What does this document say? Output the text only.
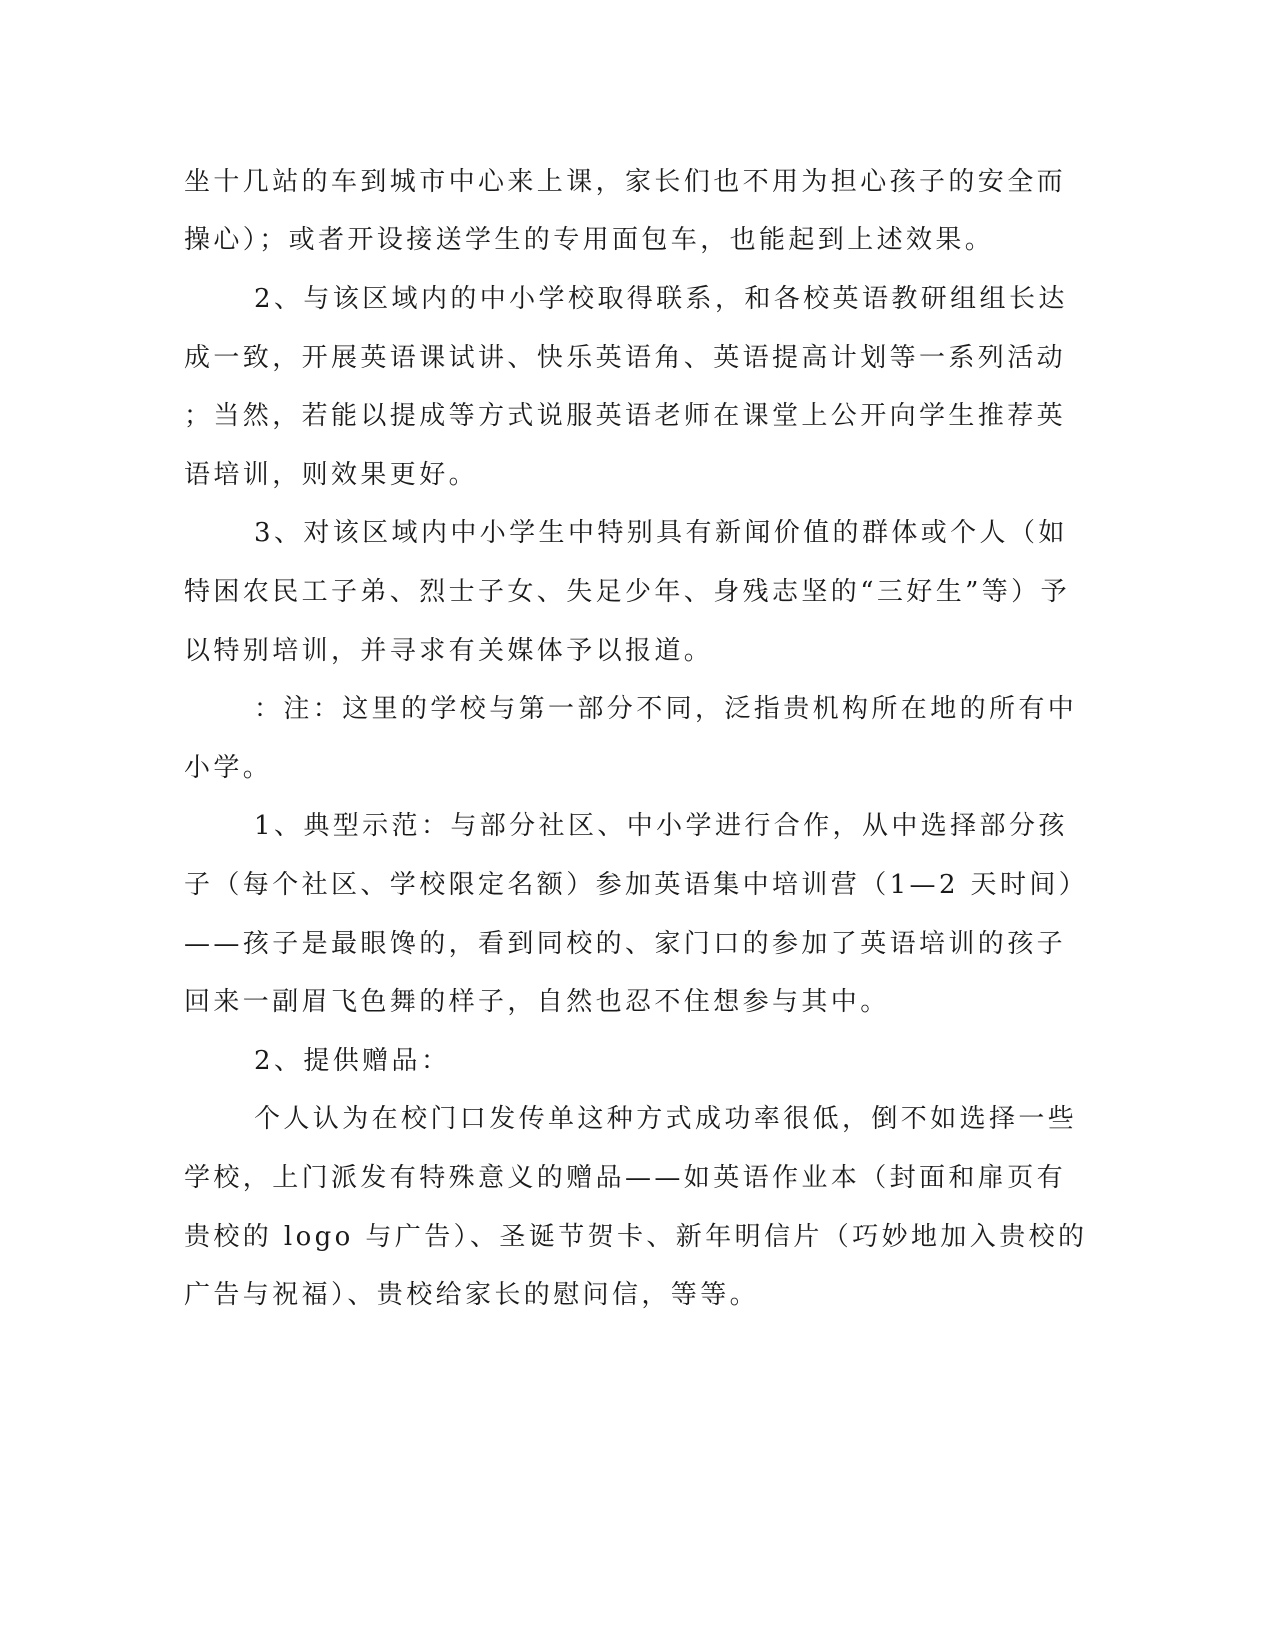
坐十几站的车到城市中心来上课，家长们也不用为担心孩子的安全而
操心）；或者开设接送学生的专用面包车，也能起到上述效果。
2、与该区域内的中小学校取得联系，和各校英语教研组组长达
成一致，开展英语课试讲、快乐英语角、英语提高计划等一系列活动
；当然，若能以提成等方式说服英语老师在课堂上公开向学生推荐英
语培训，则效果更好。
3、对该区域内中小学生中特别具有新闻价值的群体或个人（如
特困农民工子弟、烈士子女、失足少年、身残志坚的“三好生”等）予
以特别培训，并寻求有关媒体予以报道。
：注：这里的学校与第一部分不同，泛指贵机构所在地的所有中
小学。
1、典型示范：与部分社区、中小学进行合作，从中选择部分孩
子（每个社区、学校限定名额）参加英语集中培训营（1—2 天时间）
——孩子是最眼馋的，看到同校的、家门口的参加了英语培训的孩子
回来一副眉飞色舞的样子，自然也忍不住想参与其中。
2、提供赠品：
个人认为在校门口发传单这种方式成功率很低，倒不如选择一些
学校，上门派发有特殊意义的赠品——如英语作业本（封面和扉页有
贵校的 logo 与广告）、圣诞节贺卡、新年明信片（巧妙地加入贵校的
广告与祝福）、贵校给家长的慰问信，等等。
